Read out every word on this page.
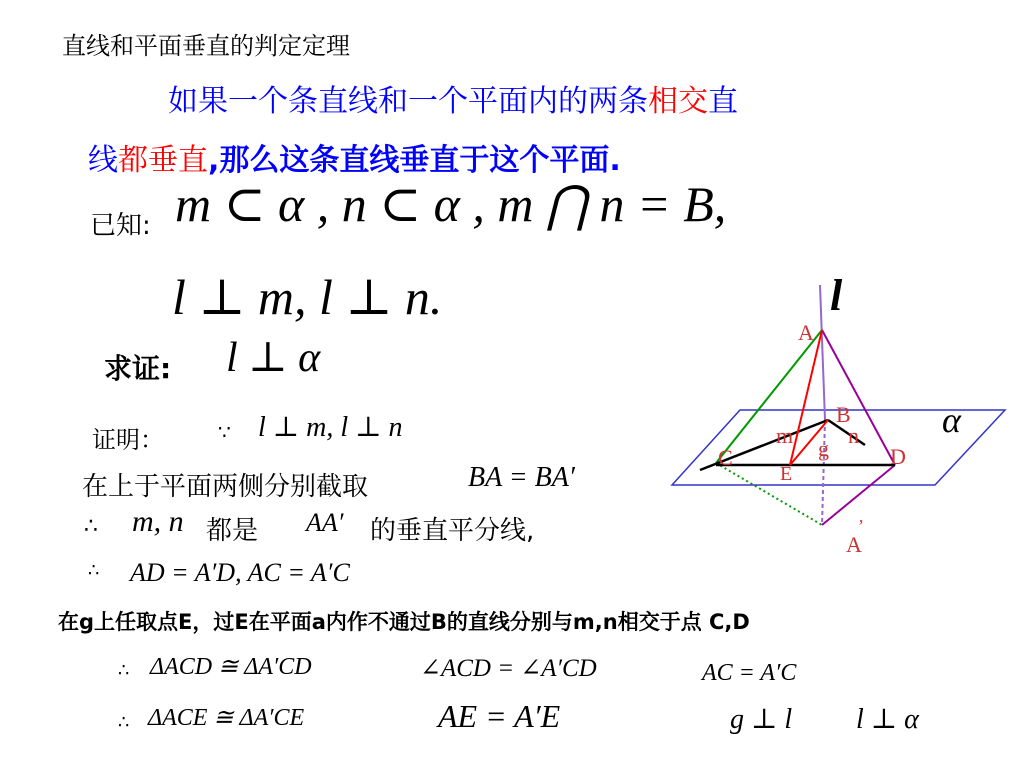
直线和平面垂直的判定定理
如果一个条直线和一个平面内的两条相交直
线都垂直,那么这条直线垂直于这个平面.
已知: m ⊂ α , n ⊂ α , m ⋂ n = B,
l ⊥ m, l ⊥ n.
求证: l ⊥ α
证明：	∵ l ⊥ m, l ⊥ n
在上于平面两侧分别截取	BA = BA′
∴ m, n 都是 AA′ 的垂直平分线,
∴ AD = A′D, AC = A′C
在g上任取点E，过E在平面a内作不通过B的直线分别与m,n相交于点 C,D
∴ ΔACD ≅ ΔA′CD	∠ACD = ∠A′CD	AC = A′C
∴ ΔACE ≅ ΔA′CE	AE = A′E	g ⊥ l l ⊥ α
l
A
B	α
m n
g
C	D
E
’
A
